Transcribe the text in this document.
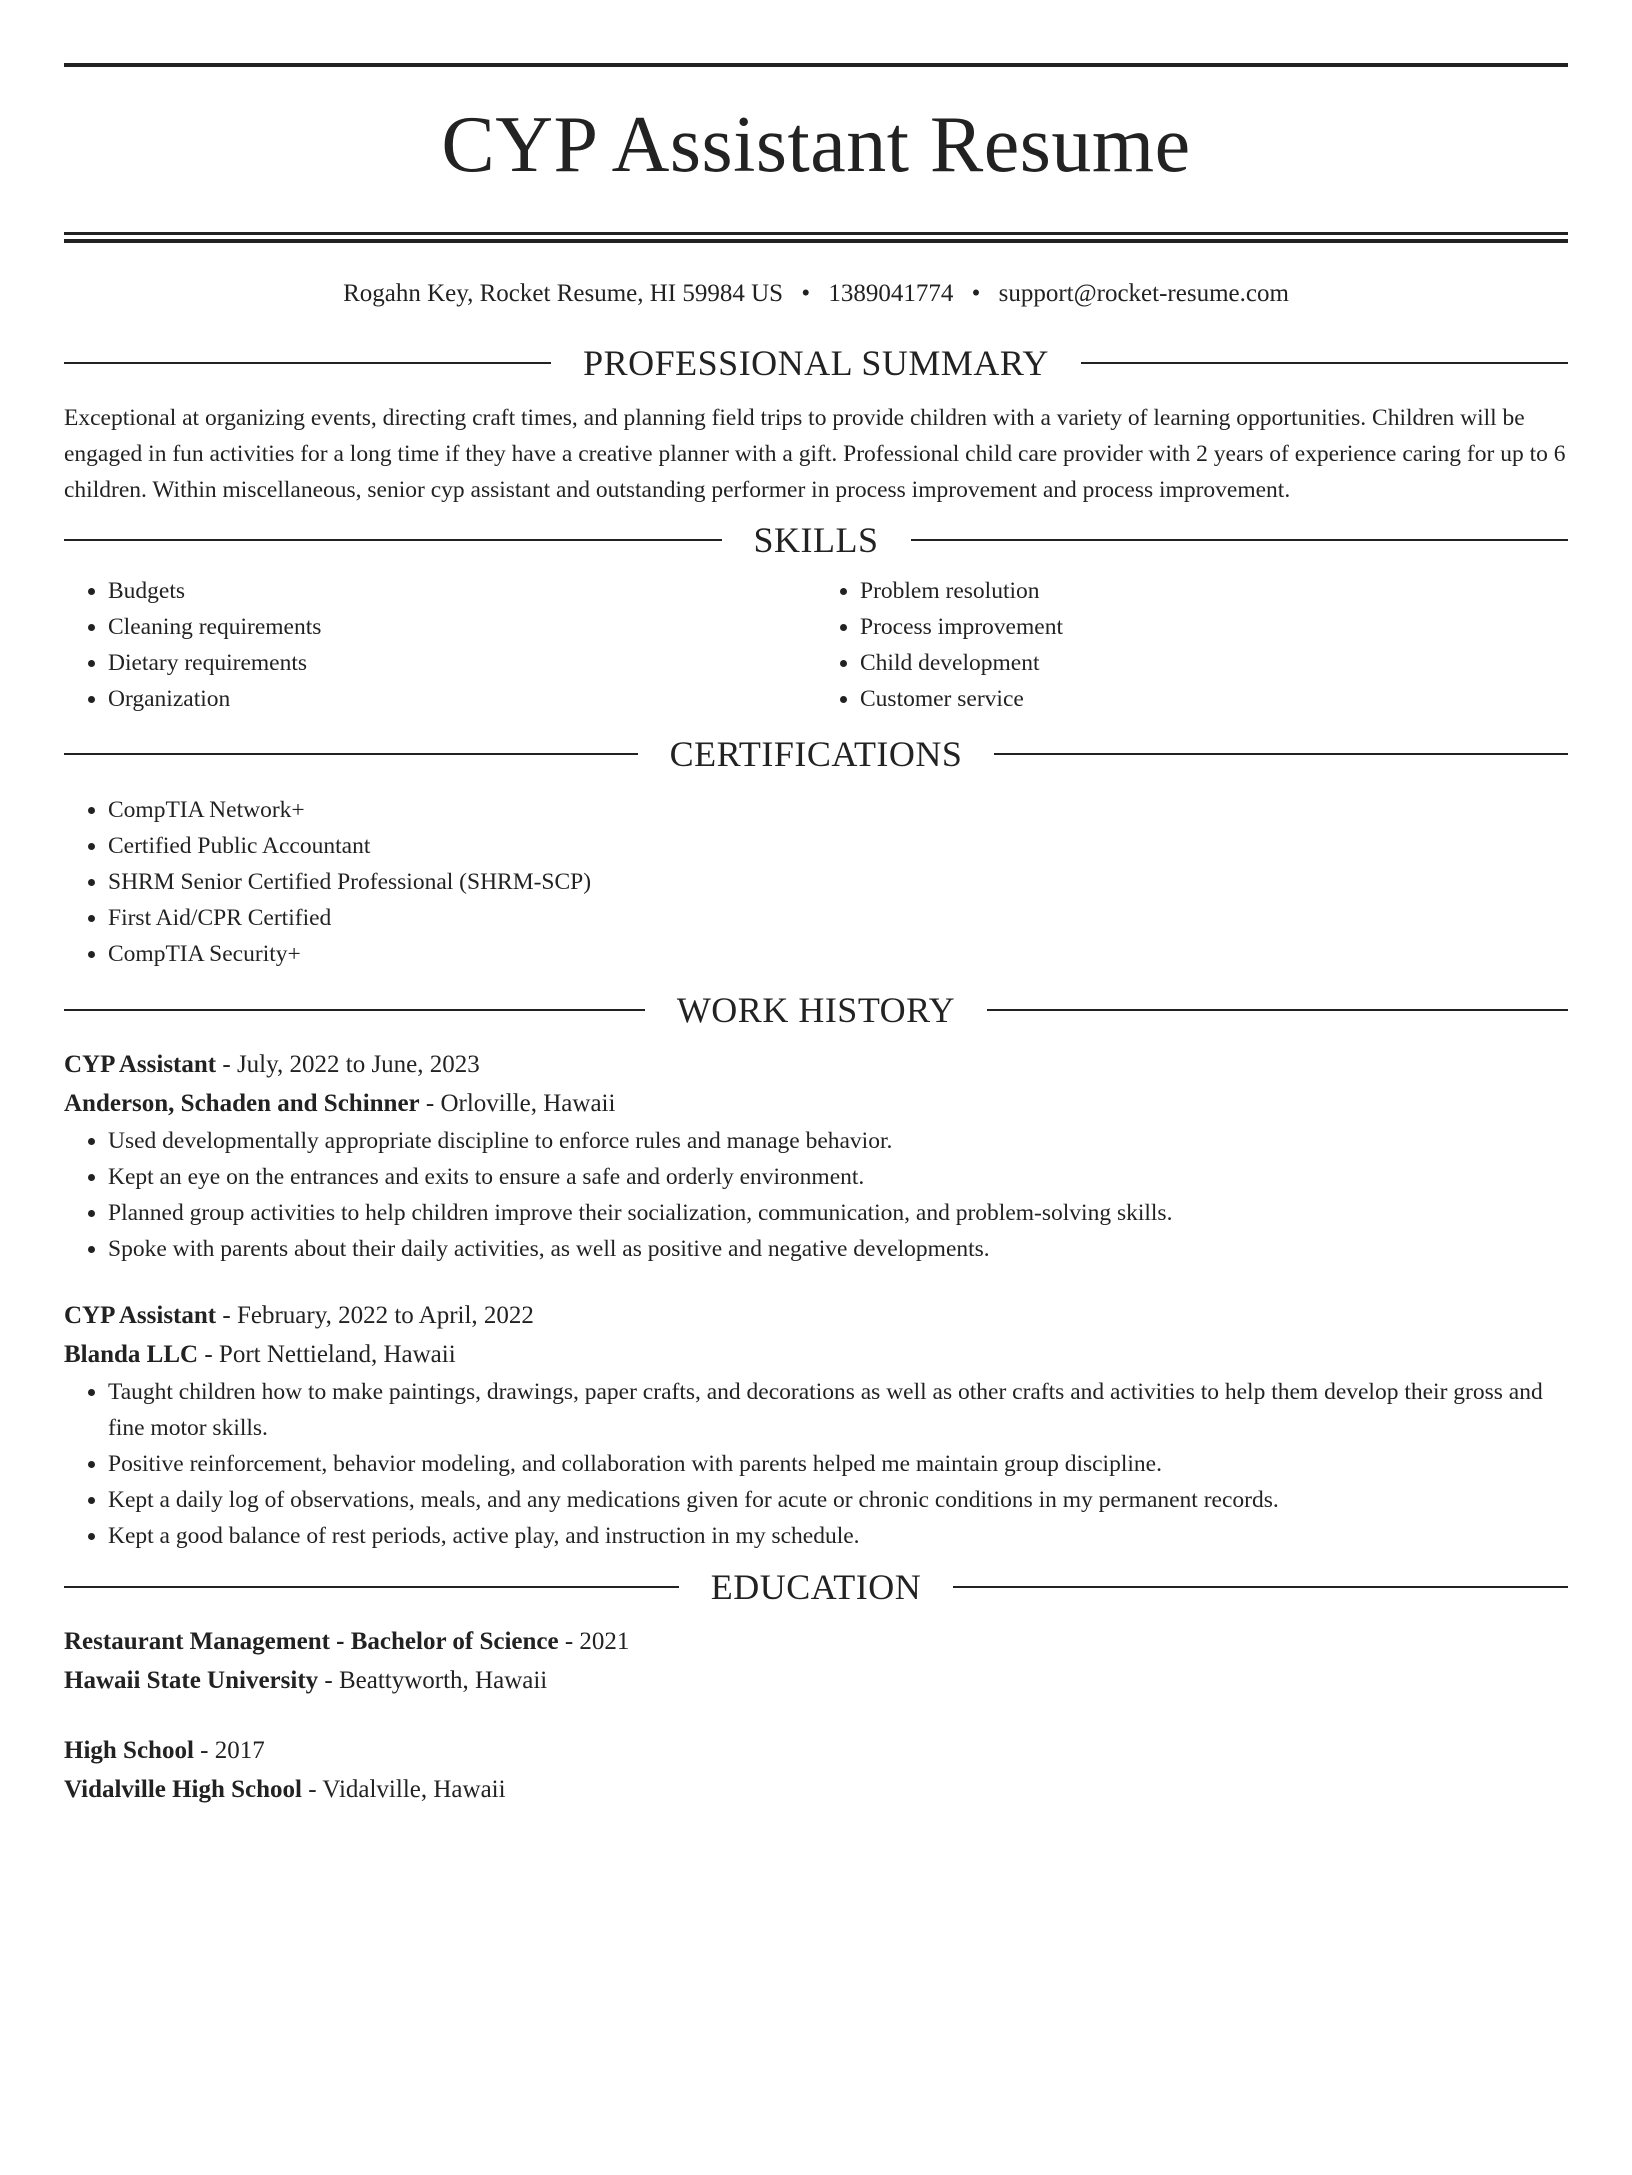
CYP Assistant Resume
Rogahn Key, Rocket Resume, HI 59984 US • 1389041774 • support@rocket-resume.com
PROFESSIONAL SUMMARY
Exceptional at organizing events, directing craft times, and planning field trips to provide children with a variety of learning opportunities. Children will be engaged in fun activities for a long time if they have a creative planner with a gift. Professional child care provider with 2 years of experience caring for up to 6 children. Within miscellaneous, senior cyp assistant and outstanding performer in process improvement and process improvement.
SKILLS
• Budgets
• Cleaning requirements
• Dietary requirements
• Organization
• Problem resolution
• Process improvement
• Child development
• Customer service
CERTIFICATIONS
• CompTIA Network+
• Certified Public Accountant
• SHRM Senior Certified Professional (SHRM-SCP)
• First Aid/CPR Certified
• CompTIA Security+
WORK HISTORY
CYP Assistant - July, 2022 to June, 2023
Anderson, Schaden and Schinner - Orloville, Hawaii
• Used developmentally appropriate discipline to enforce rules and manage behavior.
• Kept an eye on the entrances and exits to ensure a safe and orderly environment.
• Planned group activities to help children improve their socialization, communication, and problem-solving skills.
• Spoke with parents about their daily activities, as well as positive and negative developments.
CYP Assistant - February, 2022 to April, 2022
Blanda LLC - Port Nettieland, Hawaii
• Taught children how to make paintings, drawings, paper crafts, and decorations as well as other crafts and activities to help them develop their gross and fine motor skills.
• Positive reinforcement, behavior modeling, and collaboration with parents helped me maintain group discipline.
• Kept a daily log of observations, meals, and any medications given for acute or chronic conditions in my permanent records.
• Kept a good balance of rest periods, active play, and instruction in my schedule.
EDUCATION
Restaurant Management - Bachelor of Science - 2021
Hawaii State University - Beattyworth, Hawaii
High School - 2017
Vidalville High School - Vidalville, Hawaii
